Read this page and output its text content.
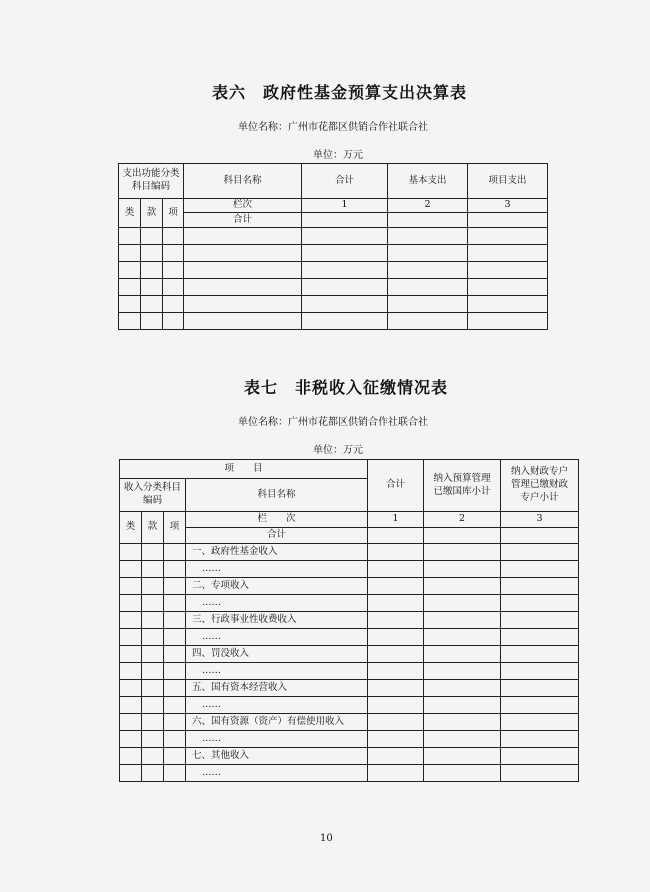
表六　政府性基金预算支出决算表
单位名称：广州市花都区供销合作社联合社
单位：万元
支出功能分类科目编码			科目名称	合计	基本支出	项目支出

类	款	项	栏次	1	2	3
			合计			

表七　非税收入征缴情况表
单位名称：广州市花都区供销合作社联合社
单位：万元
项　　目				合计	纳入预算管理已缴国库小计	纳入财政专户管理已缴财政专户小计
收入分类科目编码			科目名称			

类	款	项	栏　　次	1	2	3
			合计			
			一、政府性基金收入			
			……			
			二、专项收入			
			……			
			三、行政事业性收费收入			
			……			
			四、罚没收入			
			……			
			五、国有资本经营收入			
			……			
			六、国有资源（资产）有偿使用收入			
			……			
			七、其他收入			
			……			
10
